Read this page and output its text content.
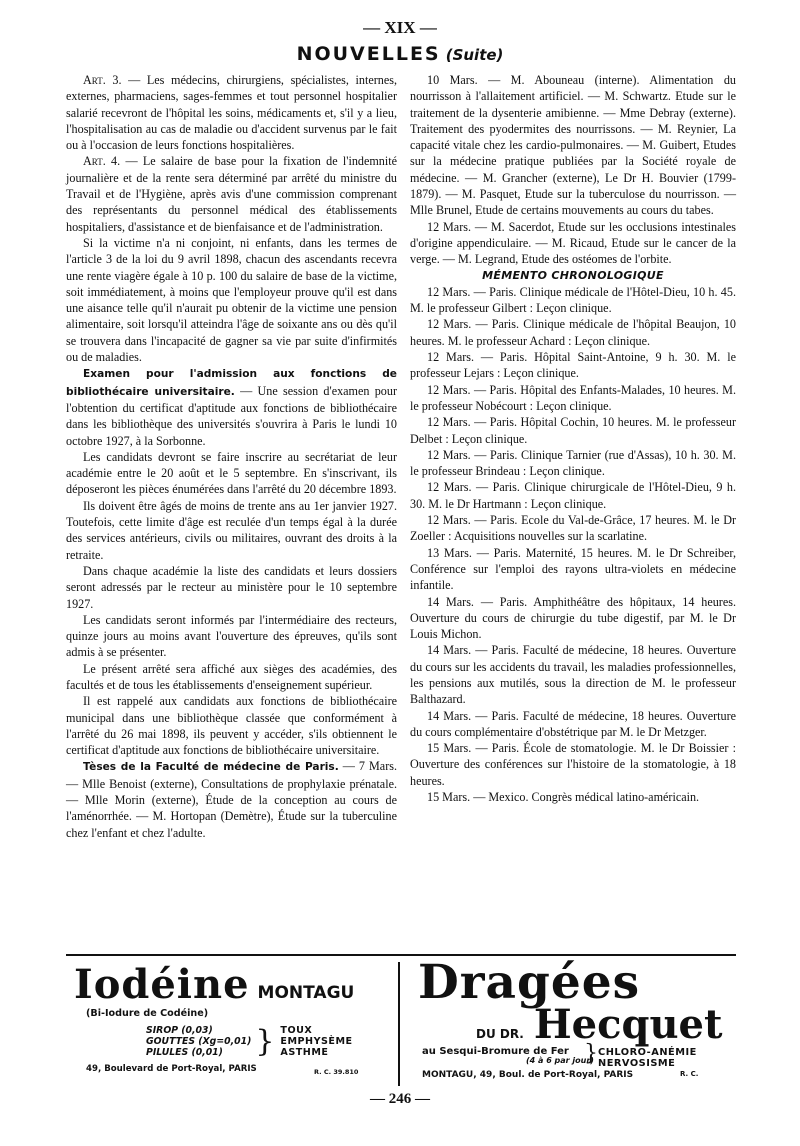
— XIX —
NOUVELLES (Suite)

Art. 3. — Les médecins, chirurgiens, spécialistes, internes, externes, pharmaciens, sages-femmes et tout personnel hospitalier salarié recevront de l'hôpital les soins, médicaments et, s'il y a lieu, l'hospitalisation au cas de maladie ou d'accident survenus par le fait ou à l'occasion de leurs fonctions hospitalières.

Art. 4. — Le salaire de base pour la fixation de l'indemnité journalière et de la rente sera déterminé par arrêté du ministre du Travail et de l'Hygiène, après avis d'une commission comprenant des représentants du personnel médical des établissements hospitaliers, d'assistance et de bienfaisance et de l'administration.

Si la victime n'a ni conjoint, ni enfants, dans les termes de l'article 3 de la loi du 9 avril 1898, chacun des ascendants recevra une rente viagère égale à 10 p. 100 du salaire de base de la victime, soit immédiatement, à moins que l'employeur prouve qu'il est dans une aisance telle qu'il n'aurait pu obtenir de la victime une pension alimentaire, soit lorsqu'il atteindra l'âge de soixante ans ou dès qu'il se trouvera dans l'incapacité de gagner sa vie par suite d'infirmités ou de maladies.

Examen pour l'admission aux fonctions de bibliothécaire universitaire. — Une session d'examen pour l'obtention du certificat d'aptitude aux fonctions de bibliothécaire dans les bibliothèque des universités s'ouvrira à Paris le lundi 10 octobre 1927, à la Sorbonne.

Les candidats devront se faire inscrire au secrétariat de leur académie entre le 20 août et le 5 septembre. En s'inscrivant, ils déposeront les pièces énumérées dans l'arrêté du 20 décembre 1893.

Ils doivent être âgés de moins de trente ans au 1er janvier 1927. Toutefois, cette limite d'âge est reculée d'un temps égal à la durée des services antérieurs, civils ou militaires, ouvrant des droits à la retraite.

Dans chaque académie la liste des candidats et leurs dossiers seront adressés par le recteur au ministère pour le 10 septembre 1927.

Les candidats seront informés par l'intermédiaire des recteurs, quinze jours au moins avant l'ouverture des épreuves, qu'ils sont admis à se présenter.

Le présent arrêté sera affiché aux sièges des académies, des facultés et de tous les établissements d'enseignement supérieur.

Il est rappelé aux candidats aux fonctions de bibliothécaire municipal dans une bibliothèque classée que conformément à l'arrêté du 26 mai 1898, ils peuvent y accéder, s'ils obtiennent le certificat d'aptitude aux fonctions de bibliothécaire universitaire.

Tèses de la Faculté de médecine de Paris. — 7 Mars. — Mlle Benoist (externe), Consultations de prophylaxie prénatale. — Mlle Morin (externe), Étude de la conception au cours de l'aménorrhée. — M. Hortopan (Demètre), Étude sur la tuberculine chez l'enfant et chez l'adulte.

10 Mars. — M. Abouneau (interne). Alimentation du nourrisson à l'allaitement artificiel. — M. Schwartz. Etude sur le traitement de la dysenterie amibienne. — Mme Debray (externe). Traitement des pyodermites des nourrissons. — M. Reynier, La capacité vitale chez les cardio-pulmonaires. — M. Guibert, Etudes sur la médecine pratique publiées par la Société royale de médecine. — M. Grancher (externe), Le Dr H. Bouvier (1799-1879). — M. Pasquet, Etude sur la tuberculose du nourrisson. — Mlle Brunel, Etude de certains mouvements au cours du tabes.

12 Mars. — M. Sacerdot, Etude sur les occlusions intestinales d'origine appendiculaire. — M. Ricaud, Etude sur le cancer de la verge. — M. Legrand, Etude des ostéomes de l'orbite.

MÉMENTO CHRONOLOGIQUE

12 Mars. — Paris. Clinique médicale de l'Hôtel-Dieu, 10 h. 45. M. le professeur Gilbert : Leçon clinique.

12 Mars. — Paris. Clinique médicale de l'hôpital Beaujon, 10 heures. M. le professeur Achard : Leçon clinique.

12 Mars. — Paris. Hôpital Saint-Antoine, 9 h. 30. M. le professeur Lejars : Leçon clinique.

12 Mars. — Paris. Hôpital des Enfants-Malades, 10 heures. M. le professeur Nobécourt : Leçon clinique.

12 Mars. — Paris. Hôpital Cochin, 10 heures. M. le professeur Delbet : Leçon clinique.

12 Mars. — Paris. Clinique Tarnier (rue d'Assas), 10 h. 30. M. le professeur Brindeau : Leçon clinique.

12 Mars. — Paris. Clinique chirurgicale de l'Hôtel-Dieu, 9 h. 30. M. le Dr Hartmann : Leçon clinique.

12 Mars. — Paris. Ecole du Val-de-Grâce, 17 heures. M. le Dr Zoeller : Acquisitions nouvelles sur la scarlatine.

13 Mars. — Paris. Maternité, 15 heures. M. le Dr Schreiber, Conférence sur l'emploi des rayons ultra-violets en médecine infantile.

14 Mars. — Paris. Amphithéâtre des hôpitaux, 14 heures. Ouverture du cours de chirurgie du tube digestif, par M. le Dr Louis Michon.

14 Mars. — Paris. Faculté de médecine, 18 heures. Ouverture du cours sur les accidents du travail, les maladies professionnelles, les pensions aux mutilés, sous la direction de M. le professeur Balthazard.

14 Mars. — Paris. Faculté de médecine, 18 heures. Ouverture du cours complémentaire d'obstétrique par M. le Dr Metzger.

15 Mars. — Paris. École de stomatologie. M. le Dr Boissier : Ouverture des conférences sur l'histoire de la stomatologie, à 18 heures.

15 Mars. — Mexico. Congrès médical latino-américain.

Iodéine MONTAGU
(Bi-Iodure de Codéine)
SIROP (0,03)
GOUTTES (Xg=0,01)
PILULES (0,01)	} TOUX
EMPHYSÈME
ASTHME
49, Boulevard de Port-Royal, PARIS	R. C. 39.810
Dragées
DU DR. Hecquet
au Sesqui-Bromure de Fer
(4 à 6 par jour)
} CHLORO-ANÉMIE
NERVOSISME
MONTAGU, 49, Boul. de Port-Royal, PARIS	R. C.
— 246 —
